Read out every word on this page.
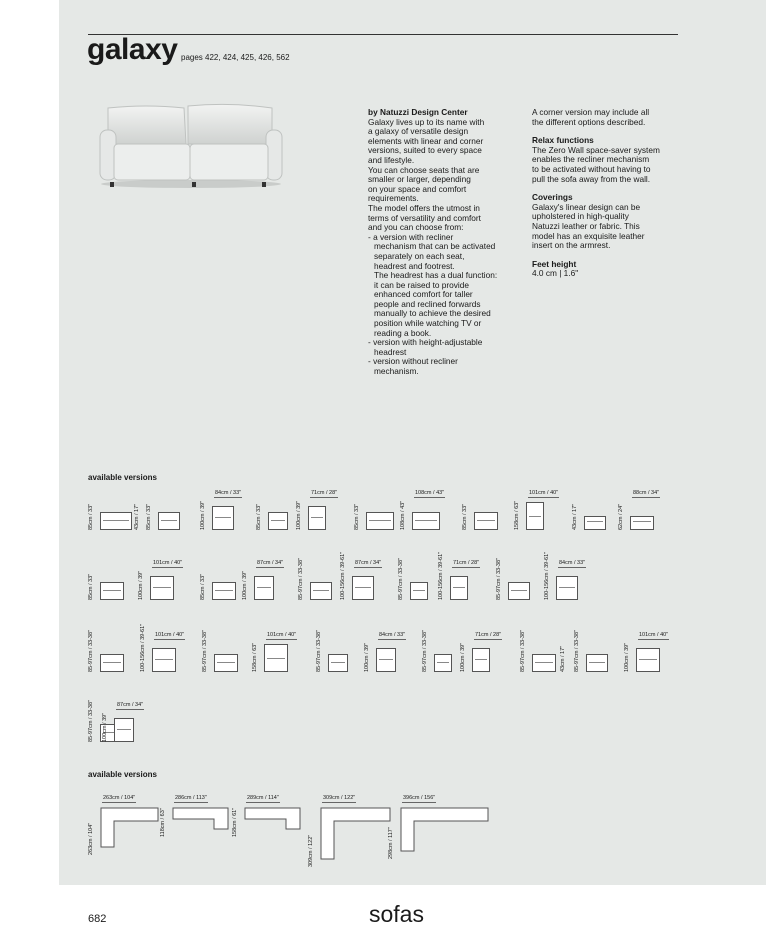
galaxy pages 422, 424, 425, 426, 562

by Natuzzi Design Center

Galaxy lives up to its name with

a galaxy of versatile design

elements with linear and corner

versions, suited to every space

and lifestyle.

You can choose seats that are

smaller or larger, depending

on your space and comfort

requirements.

The model offers the utmost in

terms of versatility and comfort

and you can choose from:

- a version with recliner

mechanism that can be activated

separately on each seat,

headrest and footrest.

The headrest has a dual function:

it can be raised to provide

enhanced comfort for taller

people and reclined forwards

manually to achieve the desired

position while watching TV or

reading a book.

- version with height-adjustable

headrest

- version without recliner

mechanism.

A corner version may include all

the different options described.

Relax functions

The Zero Wall space-saver system

enables the recliner mechanism

to be activated without having to

pull the sofa away from the wall.

Coverings

Galaxy's linear design can be

upholstered in high-quality

Natuzzi leather or fabric. This

model has an exquisite leather

insert on the armrest.

Feet height

4.0 cm | 1.6"

available versions
85cm / 33"	43cm / 17" 85cm / 33"	100cm / 39"
84cm / 33"
85cm / 33"	100cm / 39"
71cm / 28"
85cm / 33"	108cm / 43"
108cm / 43"
85cm / 33"	158cm / 63"
101cm / 40"
43cm / 17"	62cm / 24"
88cm / 34"
85cm / 33"	100cm / 39"
101cm / 40"
85cm / 33"	100cm / 39"
87cm / 34"	85-97cm / 33-38"	100-156cm / 39-61" 87cm / 34"	85-97cm / 33-38"	100-156cm / 39-61" 71cm / 28"	85-97cm / 33-38"	100-156cm / 39-61" 84cm / 33"
85-97cm / 33-38"	100-156cm / 39-61" 101cm / 40"	85-97cm / 33-38"	158cm / 63"
101cm / 40"	85-97cm / 33-38"	100cm / 39"
84cm / 33"	85-97cm / 33-38"	100cm / 39"
71cm / 28"	85-97cm / 33-38"	43cm / 17" 85-97cm / 33-38"	100cm / 39"
101cm / 40"
85-97cm / 33-38" 100cm / 39"
87cm / 34"
available versions
263cm / 104"
263cm / 104"
286cm / 113"
118cm / 63"
289cm / 114"
158cm / 61"
309cm / 122"
309cm / 122"
396cm / 156"
298cm / 117"
682	sofas
